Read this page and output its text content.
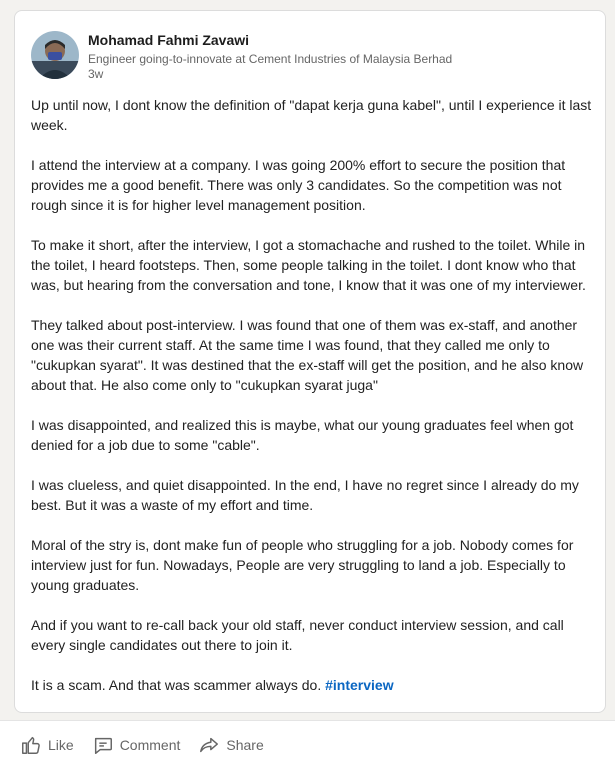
Mohamad Fahmi Zavawi
Engineer going-to-innovate at Cement Industries of Malaysia Berhad
3w

Up until now, I dont know the definition of "dapat kerja guna kabel", until I experience it last week.

I attend the interview at a company. I was going 200% effort to secure the position that provides me a good benefit. There was only 3 candidates. So the competition was not rough since it is for higher level management position.

To make it short, after the interview, I got a stomachache and rushed to the toilet. While in the toilet, I heard footsteps. Then, some people talking in the toilet. I dont know who that was, but hearing from the conversation and tone, I know that it was one of my interviewer.

They talked about post-interview. I was found that one of them was ex-staff, and another one was their current staff. At the same time I was found, that they called me only to "cukupkan syarat". It was destined that the ex-staff will get the position, and he also know about that. He also come only to "cukupkan syarat juga"

I was disappointed, and realized this is maybe, what our young graduates feel when got denied for a job due to some "cable".

I was clueless, and quiet disappointed. In the end, I have no regret since I already do my best. But it was a waste of my effort and time.

Moral of the stry is, dont make fun of people who struggling for a job. Nobody comes for interview just for fun. Nowadays, People are very struggling to land a job. Especially to young graduates.

And if you want to re-call back your old staff, never conduct interview session, and call every single candidates out there to join it.

It is a scam. And that was scammer always do. #interview

Like	Comment	Share
